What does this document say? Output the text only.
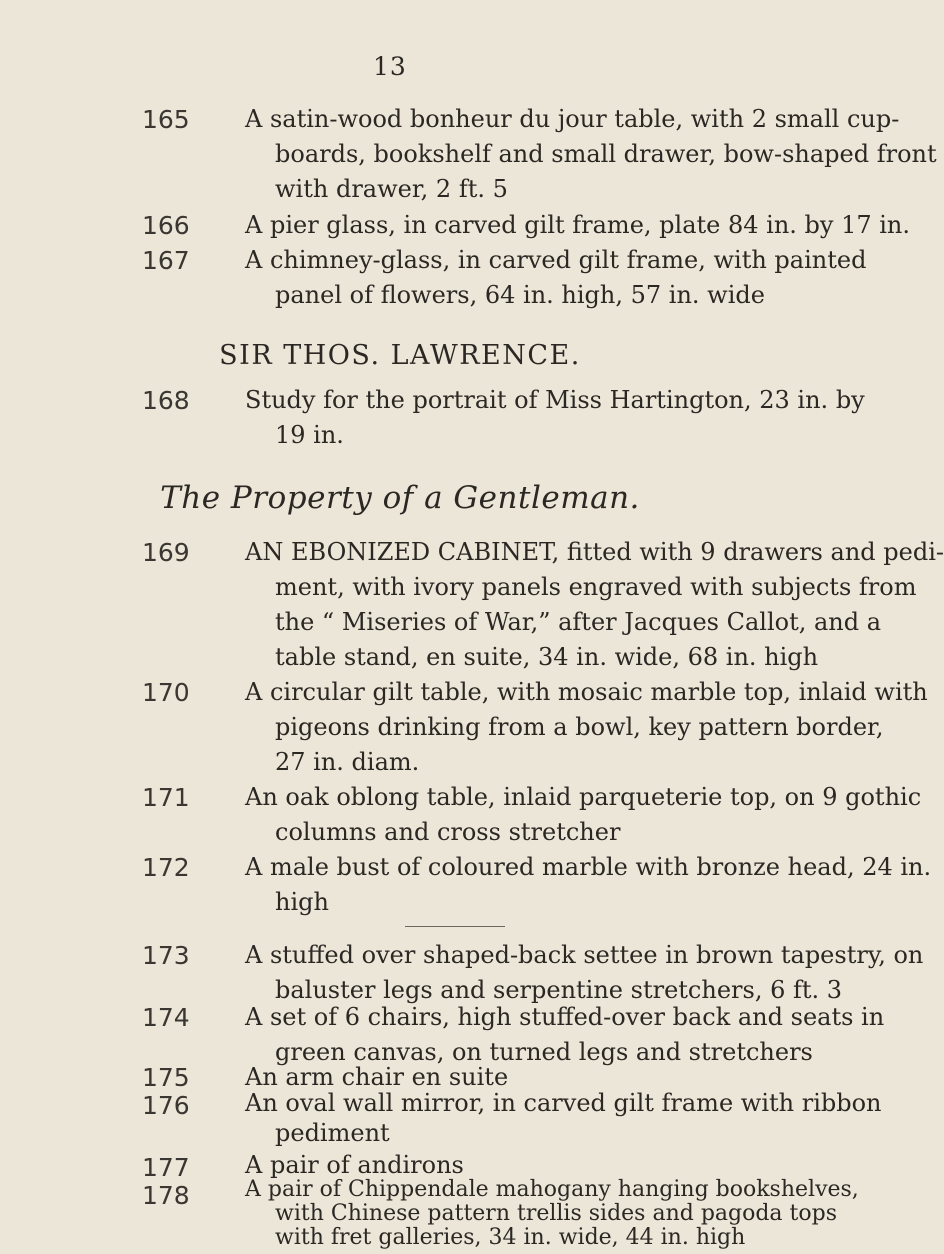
13
165 A satin-wood bonheur du jour table, with 2 small cup-
boards, bookshelf and small drawer, bow-shaped front
with drawer, 2 ft. 5
166 A pier glass, in carved gilt frame, plate 84 in. by 17 in.
167 A chimney-glass, in carved gilt frame, with painted
panel of flowers, 64 in. high, 57 in. wide
SIR THOS. LAWRENCE.
168 Study for the portrait of Miss Hartington, 23 in. by
19 in.
The Property of a Gentleman.
169 AN EBONIZED CABINET, fitted with 9 drawers and pedi-
ment, with ivory panels engraved with subjects from
the “ Miseries of War,” after Jacques Callot, and a
table stand, en suite, 34 in. wide, 68 in. high
170 A circular gilt table, with mosaic marble top, inlaid with
pigeons drinking from a bowl, key pattern border,
27 in. diam.
171 An oak oblong table, inlaid parqueterie top, on 9 gothic
columns and cross stretcher
172 A male bust of coloured marble with bronze head, 24 in.
high
173 A stuffed over shaped-back settee in brown tapestry, on
baluster legs and serpentine stretchers, 6 ft. 3
174 A set of 6 chairs, high stuffed-over back and seats in
green canvas, on turned legs and stretchers
175 An arm chair en suite
176 An oval wall mirror, in carved gilt frame with ribbon
pediment
177 A pair of andirons
178	A pair of Chippendale mahogany hanging bookshelves,
with Chinese pattern trellis sides and pagoda tops
with fret galleries, 34 in. wide, 44 in. high
